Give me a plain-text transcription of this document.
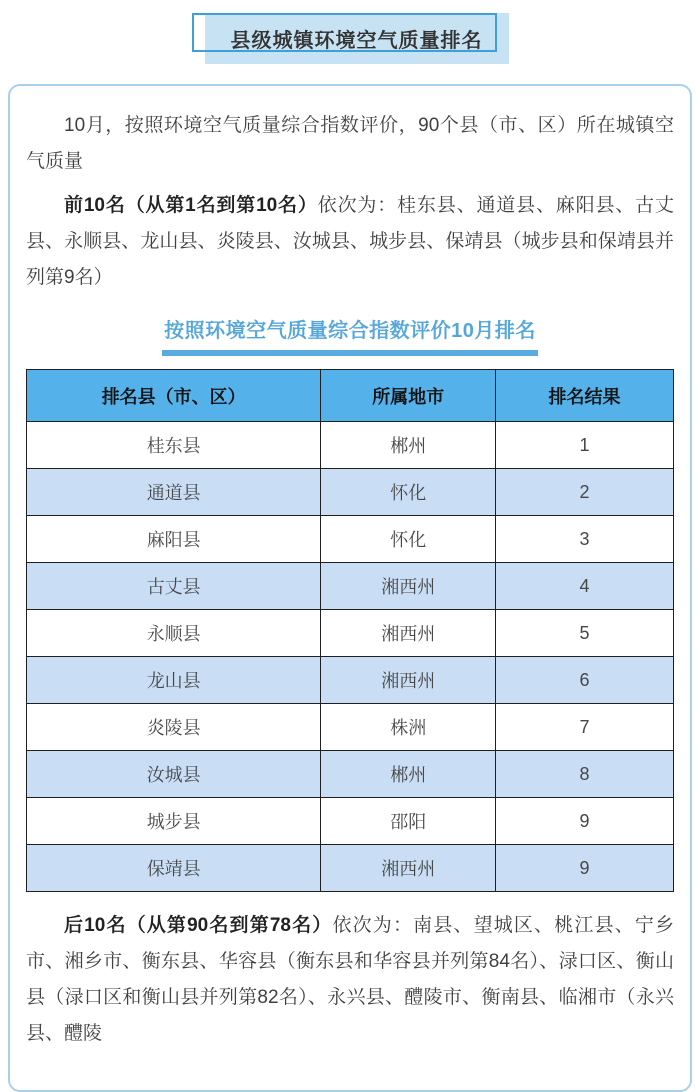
县级城镇环境空气质量排名

10月，按照环境空气质量综合指数评价，90个县（市、区）所在城镇空气质量

前10名（从第1名到第10名）依次为：桂东县、通道县、麻阳县、古丈县、永顺县、龙山县、炎陵县、汝城县、城步县、保靖县（城步县和保靖县并列第9名）

按照环境空气质量综合指数评价10月排名
排名县（市、区）	所属地市	排名结果
桂东县	郴州	1
通道县	怀化	2
麻阳县	怀化	3
古丈县	湘西州	4
永顺县	湘西州	5
龙山县	湘西州	6
炎陵县	株洲	7
汝城县	郴州	8
城步县	邵阳	9
保靖县	湘西州	9

后10名（从第90名到第78名）依次为：南县、望城区、桃江县、宁乡市、湘乡市、衡东县、华容县（衡东县和华容县并列第84名）、渌口区、衡山县（渌口区和衡山县并列第82名）、永兴县、醴陵市、衡南县、临湘市（永兴县、醴陵
